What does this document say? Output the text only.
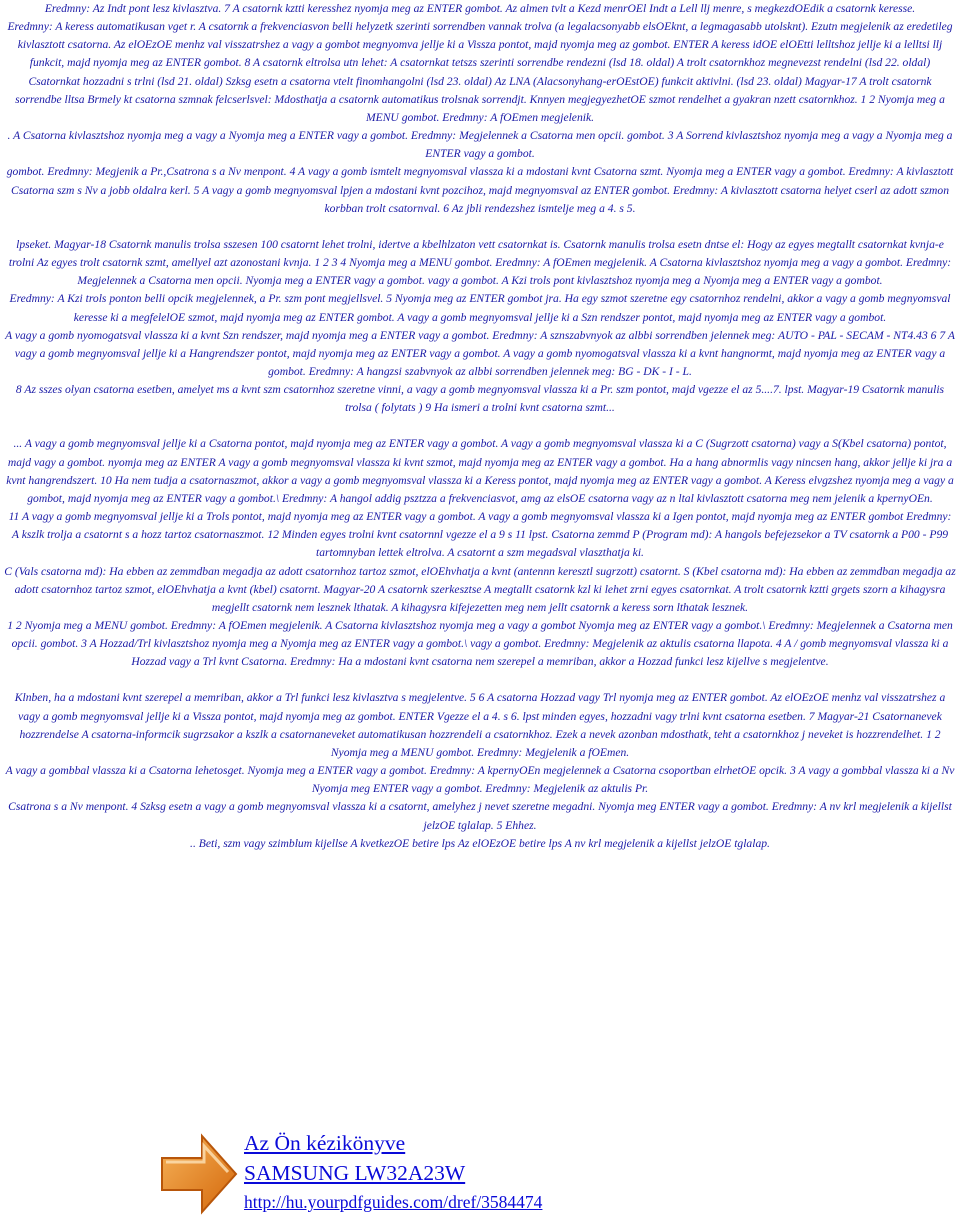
Eredmny: Az Indt pont lesz kivlasztva. 7 A csatornk kztti keresshez nyomja meg az ENTER gombot. Az almen tvlt a Kezd menrOEl Indt a Lell llj menre, s megkezdOEdik a csatornk keresse.

Eredmny: A keress automatikusan vget r. A csatornk a frekvenciasvon belli helyzetk szerinti sorrendben vannak trolva (a legalacsonyabb elsOEknt, a legmagasabb utolsknt). Ezutn megjelenik az eredetileg kivlasztott csatorna. Az elOEzOE menhz val visszatrshez a vagy a gombot megnyomva jellje ki a Vissza pontot, majd nyomja meg az gombot. ENTER A keress idOE elOEtti lelltshoz jellje ki a lelltsi llj funkcit, majd nyomja meg az ENTER gombot. 8 A csatornk eltrolsa utn lehet: A csatornkat tetszs szerinti sorrendbe rendezni (lsd 18. oldal) A trolt csatornkhoz megnevezst rendelni (lsd 22. oldal) Csatornkat hozzadni s trlni (lsd 21. oldal) Szksg esetn a csatorna vtelt finomhangolni (lsd 23. oldal) Az LNA (Alacsonyhang-erOEstOE) funkcit aktivlni. (lsd 23. oldal) Magyar-17 A trolt csatornk sorrendbe lltsa Brmely kt csatorna szmnak felcserlsvel: Mdosthatja a csatornk automatikus trolsnak sorrendjt. Knnyen megjegyezhetOE szmot rendelhet a gyakran nzett csatornkhoz. 1 2 Nyomja meg a MENU gombot. Eredmny: A fOEmen megjelenik.

. A Csatorna kivlasztshoz nyomja meg a vagy a Nyomja meg a ENTER vagy a gombot. Eredmny: Megjelennek a Csatorna men opcii. gombot. 3 A Sorrend kivlasztshoz nyomja meg a vagy a Nyomja meg a ENTER vagy a gombot.

gombot. Eredmny: Megjenik a Pr.,Csatrona s a Nv menpont. 4 A vagy a gomb ismtelt megnyomsval vlassza ki a mdostani kvnt Csatorna szmt. Nyomja meg a ENTER vagy a gombot. Eredmny: A kivlasztott Csatorna szm s Nv a jobb oldalra kerl. 5 A vagy a gomb megnyomsval lpjen a mdostani kvnt pozcihoz, majd megnyomsval az ENTER gombot. Eredmny: A kivlasztott csatorna helyet cserl az adott szmon korbban trolt csatornval. 6 Az jbli rendezshez ismtelje meg a 4. s 5.

lpseket. Magyar-18 Csatornk manulis trolsa sszesen 100 csatornt lehet trolni, idertve a kbelhlzaton vett csatornkat is. Csatornk manulis trolsa esetn dntse el: Hogy az egyes megtallt csatornkat kvnja-e trolni Az egyes trolt csatornk szmt, amellyel azt azonostani kvnja. 1 2 3 4 Nyomja meg a MENU gombot. Eredmny: A fOEmen megjelenik. A Csatorna kivlasztshoz nyomja meg a vagy a gombot. Eredmny: Megjelennek a Csatorna men opcii. Nyomja meg a ENTER vagy a gombot. vagy a gombot. A Kzi trols pont kivlasztshoz nyomja meg a Nyomja meg a ENTER vagy a gombot.

Eredmny: A Kzi trols ponton belli opcik megjelennek, a Pr. szm pont megjellsvel. 5 Nyomja meg az ENTER gombot jra. Ha egy szmot szeretne egy csatornhoz rendelni, akkor a vagy a gomb megnyomsval keresse ki a megfelelOE szmot, majd nyomja meg az ENTER gombot. A vagy a gomb megnyomsval jellje ki a Szn rendszer pontot, majd nyomja meg az ENTER vagy a gombot.

A vagy a gomb nyomogatsval vlassza ki a kvnt Szn rendszer, majd nyomja meg a ENTER vagy a gombot. Eredmny: A sznszabvnyok az albbi sorrendben jelennek meg: AUTO - PAL - SECAM - NT4.43 6 7 A vagy a gomb megnyomsval jellje ki a Hangrendszer pontot, majd nyomja meg az ENTER vagy a gombot. A vagy a gomb nyomogatsval vlassza ki a kvnt hangnormt, majd nyomja meg az ENTER vagy a gombot. Eredmny: A hangzsi szabvnyok az albbi sorrendben jelennek meg: BG - DK - I - L.

8 Az sszes olyan csatorna esetben, amelyet ms a kvnt szm csatornhoz szeretne vinni, a vagy a gomb megnyomsval vlassza ki a Pr. szm pontot, majd vgezze el az 5....7. lpst. Magyar-19 Csatornk manulis trolsa ( folytats ) 9 Ha ismeri a trolni kvnt csatorna szmt...

... A vagy a gomb megnyomsval jellje ki a Csatorna pontot, majd nyomja meg az ENTER vagy a gombot. A vagy a gomb megnyomsval vlassza ki a C (Sugrzott csatorna) vagy a S(Kbel csatorna) pontot, majd vagy a gombot. nyomja meg az ENTER A vagy a gomb megnyomsval vlassza ki kvnt szmot, majd nyomja meg az ENTER vagy a gombot. Ha a hang abnormlis vagy nincsen hang, akkor jellje ki jra a kvnt hangrendszert. 10 Ha nem tudja a csatornaszmot, akkor a vagy a gomb megnyomsval vlassza ki a Keress pontot, majd nyomja meg az ENTER vagy a gombot. A Keress elvgzshez nyomja meg a vagy a gombot, majd nyomja meg az ENTER vagy a gombot.\ Eredmny: A hangol addig psztzza a frekvenciasvot, amg az elsOE csatorna vagy az n ltal kivlasztott csatorna meg nem jelenik a kpernyOEn.

11 A vagy a gomb megnyomsval jellje ki a Trols pontot, majd nyomja meg az ENTER vagy a gombot. A vagy a gomb megnyomsval vlassza ki a Igen pontot, majd nyomja meg az ENTER gombot Eredmny: A kszlk trolja a csatornt s a hozz tartoz csatornaszmot. 12 Minden egyes trolni kvnt csatornnl vgezze el a 9 s 11 lpst. Csatorna zemmd P (Program md): A hangols befejezsekor a TV csatornk a P00 - P99 tartomnyban lettek eltrolva. A csatornt a szm megadsval vlaszthatja ki.

C (Vals csatorna md): Ha ebben az zemmdban megadja az adott csatornhoz tartoz szmot, elOEhvhatja a kvnt (antennn keresztl sugrzott) csatornt. S (Kbel csatorna md): Ha ebben az zemmdban megadja az adott csatornhoz tartoz szmot, elOEhvhatja a kvnt (kbel) csatornt. Magyar-20 A csatornk szerkesztse A megtallt csatornk kzl ki lehet zrni egyes csatornkat. A trolt csatornk kztti grgets szorn a kihagysra megjellt csatornk nem lesznek lthatak. A kihagysra kifejezetten meg nem jellt csatornk a keress sorn lthatak lesznek.

1 2 Nyomja meg a MENU gombot. Eredmny: A fOEmen megjelenik. A Csatorna kivlasztshoz nyomja meg a vagy a gombot Nyomja meg az ENTER vagy a gombot.\ Eredmny: Megjelennek a Csatorna men opcii. gombot. 3 A Hozzad/Trl kivlasztshoz nyomja meg a Nyomja meg az ENTER vagy a gombot.\ vagy a gombot. Eredmny: Megjelenik az aktulis csatorna llapota. 4 A / gomb megnyomsval vlassza ki a Hozzad vagy a Trl kvnt Csatorna. Eredmny: Ha a mdostani kvnt csatorna nem szerepel a memriban, akkor a Hozzad funkci lesz kijellve s megjelentve.

Klnben, ha a mdostani kvnt szerepel a memriban, akkor a Trl funkci lesz kivlasztva s megjelentve. 5 6 A csatorna Hozzad vagy Trl nyomja meg az ENTER gombot. Az elOEzOE menhz val visszatrshez a vagy a gomb megnyomsval jellje ki a Vissza pontot, majd nyomja meg az gombot. ENTER Vgezze el a 4. s 6. lpst minden egyes, hozzadni vagy trlni kvnt csatorna esetben. 7 Magyar-21 Csatornanevek hozzrendelse A csatorna-informcik sugrzsakor a kszlk a csatornaneveket automatikusan hozzrendeli a csatornkhoz. Ezek a nevek azonban mdosthatk, teht a csatornkhoz j neveket is hozzrendelhet. 1 2 Nyomja meg a MENU gombot. Eredmny: Megjelenik a fOEmen.

A vagy a gombbal vlassza ki a Csatorna lehetosget. Nyomja meg a ENTER vagy a gombot. Eredmny: A kpernyOEn megjelennek a Csatorna csoportban elrhetOE opcik. 3 A vagy a gombbal vlassza ki a Nv Nyomja meg ENTER vagy a gombot. Eredmny: Megjelenik az aktulis Pr.

Csatrona s a Nv menpont. 4 Szksg esetn a vagy a gomb megnyomsval vlassza ki a csatornt, amelyhez j nevet szeretne megadni. Nyomja meg ENTER vagy a gombot. Eredmny: A nv krl megjelenik a kijellst jelzOE tglalap. 5 Ehhez.

.. Beti, szm vagy szimblum kijellse A kvetkezOE betire lps Az elOEzOE betire lps A nv krl megjelenik a kijellst jelzOE tglalap.

Az Ön kézikönyve
SAMSUNG LW32A23W
http://hu.yourpdfguides.com/dref/3584474
